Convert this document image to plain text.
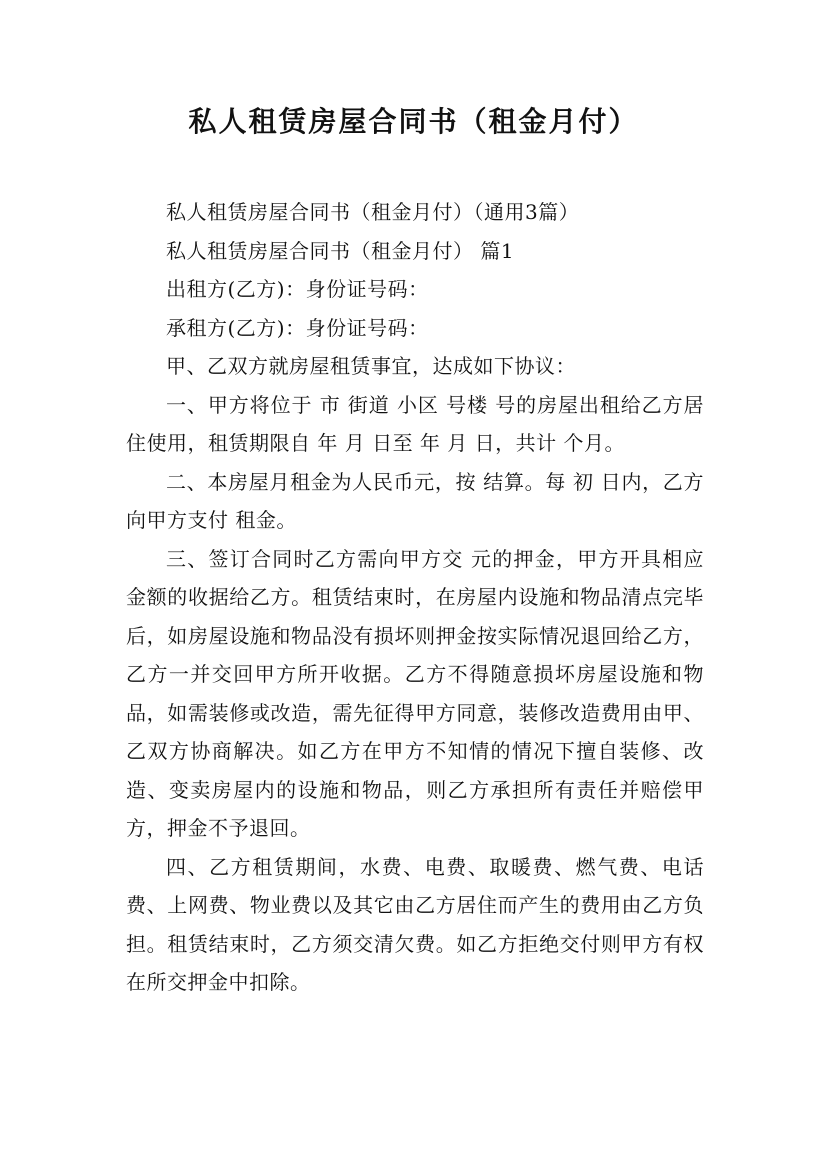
私人租赁房屋合同书（租金月付）

私人租赁房屋合同书（租金月付）（通用3篇）

私人租赁房屋合同书（租金月付） 篇1

出租方(乙方)：身份证号码：

承租方(乙方)：身份证号码：

甲、乙双方就房屋租赁事宜，达成如下协议：

一、甲方将位于 市 街道 小区 号楼 号的房屋出租给乙方居住使用，租赁期限自 年 月 日至 年 月 日，共计 个月。

二、本房屋月租金为人民币元，按 结算。每 初 日内，乙方向甲方支付 租金。

三、签订合同时乙方需向甲方交 元的押金，甲方开具相应金额的收据给乙方。租赁结束时，在房屋内设施和物品清点完毕后，如房屋设施和物品没有损坏则押金按实际情况退回给乙方，乙方一并交回甲方所开收据。乙方不得随意损坏房屋设施和物品，如需装修或改造，需先征得甲方同意，装修改造费用由甲、乙双方协商解决。如乙方在甲方不知情的情况下擅自装修、改造、变卖房屋内的设施和物品，则乙方承担所有责任并赔偿甲方，押金不予退回。

四、乙方租赁期间，水费、电费、取暖费、燃气费、电话费、上网费、物业费以及其它由乙方居住而产生的费用由乙方负担。租赁结束时，乙方须交清欠费。如乙方拒绝交付则甲方有权在所交押金中扣除。
